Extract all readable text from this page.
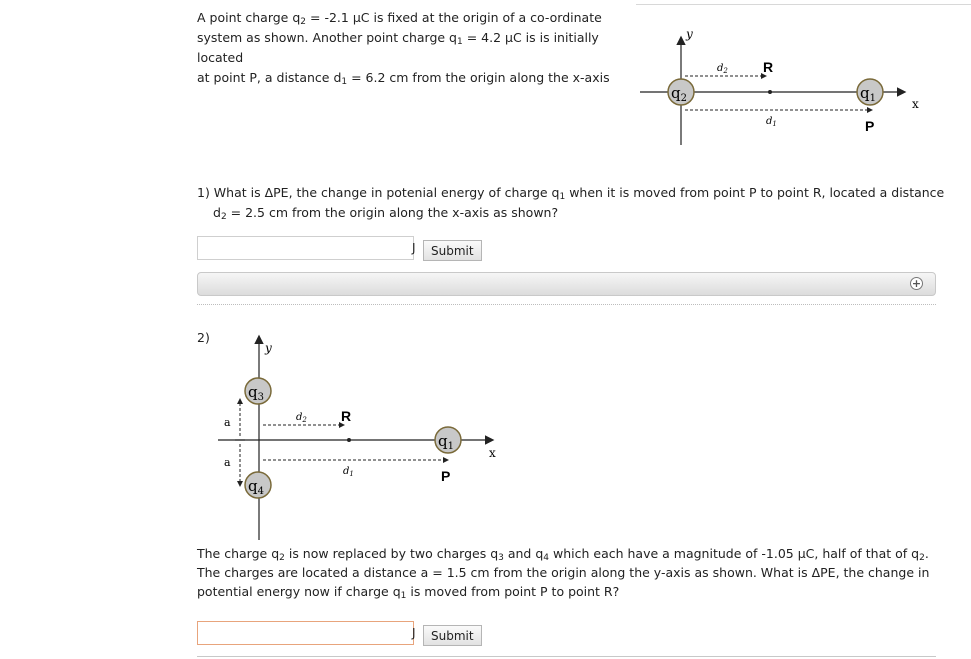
A point charge $q_2 = -2.1$ μC is fixed at the origin of a co-ordinate
system as shown. Another point charge $q_1 = 4.2$ μC is is initially located
at point P, a distance $d_1 = 6.2$ cm from the origin along the x-axis
y
x
$d_2$	R
$d_1$	P
$q_2$	$q_1$
y
x
a
a
$d_2$ R
$d_1$	P
$q_3$
$q_4$
$q_1$
1) What is ΔPE, the change in potenial energy of charge $q_1$ when it is moved from point P to point R, located a distance
$d_2 = 2.5$ cm from the origin along the x-axis as shown?
J	Submit
+
2)
The charge $q_2$ is now replaced by two charges $q_3$ and $q_4$ which each have a magnitude of -1.05 μC, half of that of $q_2$.
The charges are located a distance a = 1.5 cm from the origin along the y-axis as shown. What is ΔPE, the change in
potential energy now if charge $q_1$ is moved from point P to point R?
J	Submit
